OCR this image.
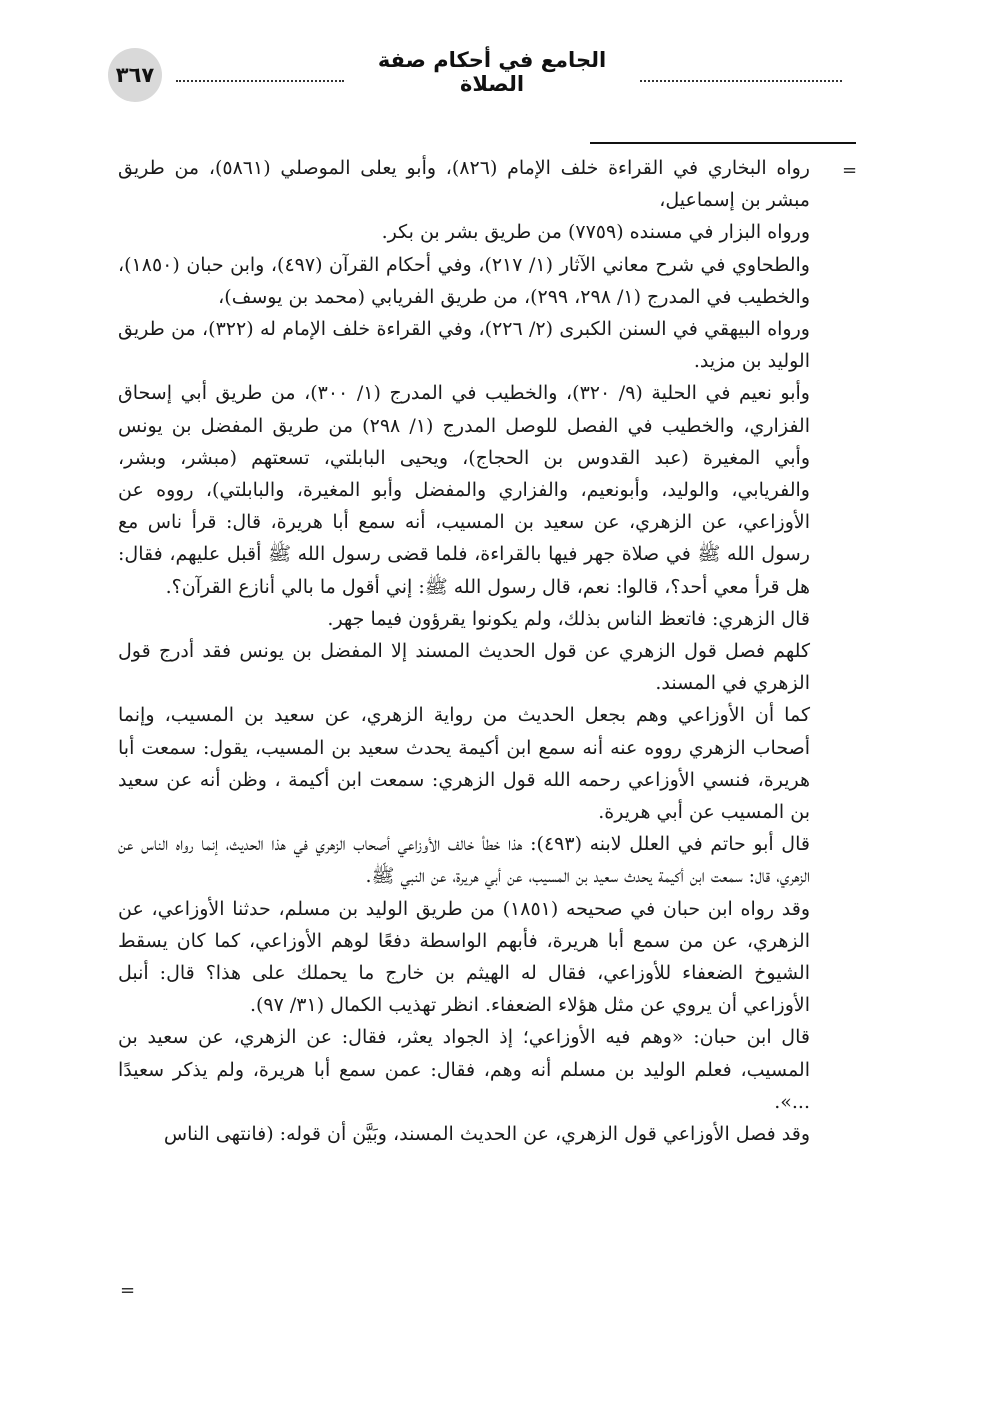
٣٦٧
الجامع في أحكام صفة الصلاة
=

رواه البخاري في القراءة خلف الإمام (٨٢٦)، وأبو يعلى الموصلي (٥٨٦١)، من طريق مبشر بن إسماعيل،

ورواه البزار في مسنده (٧٧٥٩) من طريق بشر بن بكر.

والطحاوي في شرح معاني الآثار (١/ ٢١٧)، وفي أحكام القرآن (٤٩٧)، وابن حبان (١٨٥٠)، والخطيب في المدرج (١/ ٢٩٨، ٢٩٩)، من طريق الفريابي (محمد بن يوسف)،

ورواه البيهقي في السنن الكبرى (٢/ ٢٢٦)، وفي القراءة خلف الإمام له (٣٢٢)، من طريق الوليد بن مزيد.

وأبو نعيم في الحلية (٩/ ٣٢٠)، والخطيب في المدرج (١/ ٣٠٠)، من طريق أبي إسحاق الفزاري، والخطيب في الفصل للوصل المدرج (١/ ٢٩٨) من طريق المفضل بن يونس وأبي المغيرة (عبد القدوس بن الحجاج)، ويحيى البابلتي، تسعتهم (مبشر، وبشر، والفريابي، والوليد، وأبونعيم، والفزاري والمفضل وأبو المغيرة، والبابلتي)، رووه عن الأوزاعي، عن الزهري، عن سعيد بن المسيب، أنه سمع أبا هريرة، قال: قرأ ناس مع رسول الله ﷺ في صلاة جهر فيها بالقراءة، فلما قضى رسول الله ﷺ أقبل عليهم، فقال: هل قرأ معي أحد؟، قالوا: نعم، قال رسول الله ﷺ: إني أقول ما بالي أنازع القرآن؟.

قال الزهري: فاتعظ الناس بذلك، ولم يكونوا يقرؤون فيما جهر.

كلهم فصل قول الزهري عن قول الحديث المسند إلا المفضل بن يونس فقد أدرج قول الزهري في المسند.

كما أن الأوزاعي وهم بجعل الحديث من رواية الزهري، عن سعيد بن المسيب، وإنما أصحاب الزهري رووه عنه أنه سمع ابن أكيمة يحدث سعيد بن المسيب، يقول: سمعت أبا هريرة، فنسي الأوزاعي رحمه الله قول الزهري: سمعت ابن أكيمة ، وظن أنه عن سعيد بن المسيب عن أبي هريرة.

قال أبو حاتم في العلل لابنه (٤٩٣): هذا خطأ خالف الأوزاعي أصحاب الزهري في هذا الحديث، إنما رواه الناس عن الزهري، قال: سمعت ابن أكيمة يحدث سعيد بن المسيب، عن أبي هريرة، عن النبي ﷺ.

وقد رواه ابن حبان في صحيحه (١٨٥١) من طريق الوليد بن مسلم، حدثنا الأوزاعي، عن الزهري، عن من سمع أبا هريرة، فأبهم الواسطة دفعًا لوهم الأوزاعي، كما كان يسقط الشيوخ الضعفاء للأوزاعي، فقال له الهيثم بن خارج ما يحملك على هذا؟ قال: أنبل الأوزاعي أن يروي عن مثل هؤلاء الضعفاء. انظر تهذيب الكمال (٣١/ ٩٧).

قال ابن حبان: «وهم فيه الأوزاعي؛ إذ الجواد يعثر، فقال: عن الزهري، عن سعيد بن المسيب، فعلم الوليد بن مسلم أنه وهم، فقال: عمن سمع أبا هريرة، ولم يذكر سعيدًا ...».

وقد فصل الأوزاعي قول الزهري، عن الحديث المسند، وبَيَّن أن قوله: (فانتهى الناس

=
